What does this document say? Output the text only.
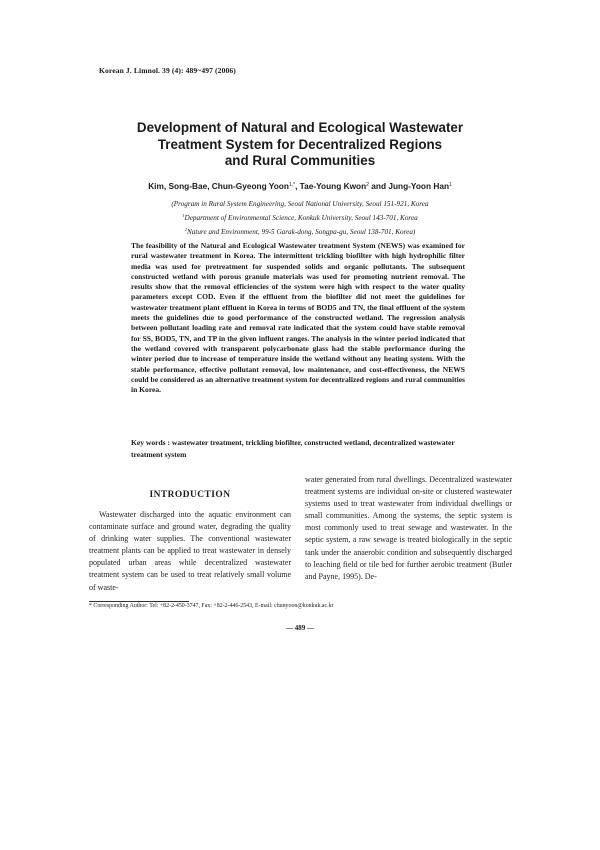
Korean J. Limnol. 39 (4): 489~497 (2006)
Development of Natural and Ecological Wastewater
Treatment System for Decentralized Regions
and Rural Communities
Kim, Song-Bae, Chun-Gyeong Yoon$^{1,*}$, Tae-Young Kwon$^2$ and Jung-Yoon Han$^1$
(Program in Rural System Engineering, Seoul National University, Seoul 151-921, Korea
$^1$Department of Environmental Science, Konkuk University, Seoul 143-701, Korea
$^2$Nature and Environment, 99-5 Garak-dong, Songpa-gu, Seoul 138-701, Korea)

The feasibility of the Natural and Ecological Wastewater treatment System (NEWS) was examined for rural wastewater treatment in Korea. The intermittent trickling biofilter with high hydrophilic filter media was used for pretreatment for suspended solids and organic pollutants. The subsequent constructed wetland with porous granule materials was used for promoting nutrient removal. The results show that the removal efficiencies of the system were high with respect to the water quality parameters except COD. Even if the effluent from the biofilter did not meet the guidelines for wastewater treatment plant effluent in Korea in terms of BOD5 and TN, the final effluent of the system meets the guidelines due to good performance of the constructed wetland. The regression analysis between pollutant loading rate and removal rate indicated that the system could have stable removal for SS, BOD5, TN, and TP in the given influent ranges. The analysis in the winter period indicated that the wetland covered with transparent polycarbonate glass had the stable performance during the winter period due to increase of temperature inside the wetland without any heating system. With the stable performance, effective pollutant removal, low maintenance, and cost-effectiveness, the NEWS could be considered as an alternative treatment system for decentralized regions and rural communities in Korea.

Key words : wastewater treatment, trickling biofilter, constructed wetland, decentralized wastewater treatment system
INTRODUCTION

Wastewater discharged into the aquatic environment can contaminate surface and ground water, degrading the quality of drinking water supplies. The conventional wastewater treatment plants can be applied to treat wastewater in densely populated urban areas while decentralized wastewater treatment system can be used to treat relatively small volume of waste-

water generated from rural dwellings. Decentralized wastewater treatment systems are individual on-site or clustered wastewater systems used to treat wastewater from individual dwellings or small communities. Among the systems, the septic system is most commonly used to treat sewage and wastewater. In the septic system, a raw sewage is treated biologically in the septic tank under the anaerobic condition and subsequently discharged to leaching field or tile bed for further aerobic treatment (Butler and Payne, 1995). De-

* Corresponding Author: Tel: +82-2-450-3747, Fax: +82-2-446-2543, E-mail: chunyoon@konkuk.ac.kr
— 489 —
